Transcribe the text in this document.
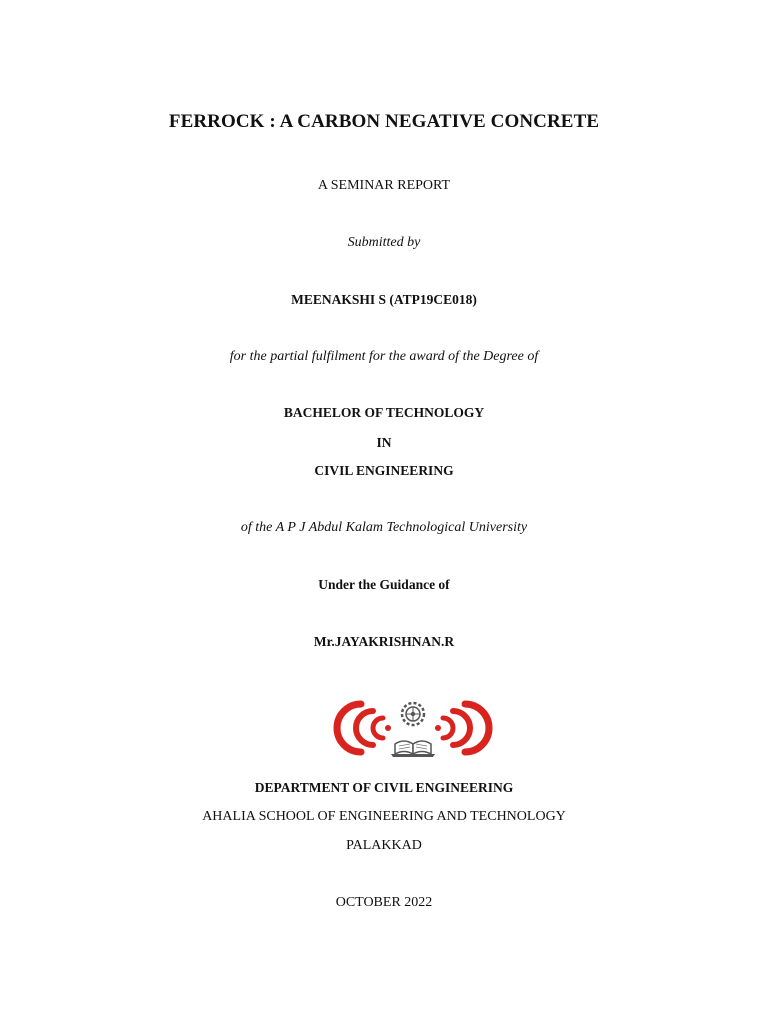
FERROCK : A CARBON NEGATIVE CONCRETE
A SEMINAR REPORT
Submitted by
MEENAKSHI S (ATP19CE018)
for the partial fulfilment for the award of the Degree of
BACHELOR OF TECHNOLOGY
IN
CIVIL ENGINEERING
of the A P J Abdul Kalam Technological University
Under the Guidance of
Mr.JAYAKRISHNAN.R
DEPARTMENT OF CIVIL ENGINEERING
AHALIA SCHOOL OF ENGINEERING AND TECHNOLOGY
PALAKKAD
OCTOBER 2022
